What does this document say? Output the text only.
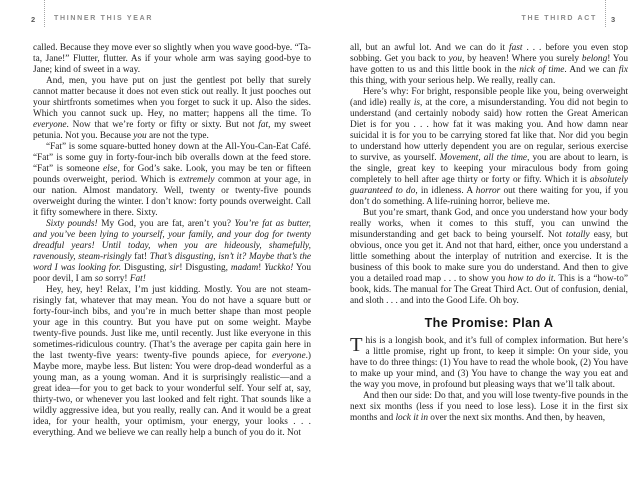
2	THINNER THIS YEAR	THE THIRD ACT 3

called. Because they move ever so slightly when you wave good-bye. “Ta-ta, Jane!” Flutter, flutter. As if your whole arm was saying good-bye to Jane; kind of sweet in a way.

And, men, you have put on just the gentlest pot belly that surely cannot matter because it does not even stick out really. It just pooches out your shirtfronts sometimes when you forget to suck it up. Also the sides. Which you cannot suck up. Hey, no matter; happens all the time. To everyone. Now that we’re forty or fifty or sixty. But not fat, my sweet petunia. Not you. Because you are not the type.

“Fat” is some square-butted honey down at the All-You-Can-Eat Café. “Fat” is some guy in forty-four-inch bib overalls down at the feed store. “Fat” is someone else, for God’s sake. Look, you may be ten or fifteen pounds overweight, period. Which is extremely common at your age, in our nation. Almost mandatory. Well, twenty or twenty-five pounds overweight during the winter. I don’t know: forty pounds overweight. Call it fifty somewhere in there. Sixty.

Sixty pounds! My God, you are fat, aren’t you? You’re fat as butter, and you’ve been lying to yourself, your family, and your dog for twenty dreadful years! Until today, when you are hideously, shamefully, ravenously, steam-risingly fat! That’s disgusting, isn’t it? Maybe that’s the word I was looking for. Disgusting, sir! Disgusting, madam! Yuckko! You poor devil, I am so sorry! Fat!

Hey, hey, hey! Relax, I’m just kidding. Mostly. You are not steam-risingly fat, whatever that may mean. You do not have a square butt or forty-four-inch bibs, and you’re in much better shape than most people your age in this country. But you have put on some weight. Maybe twenty-five pounds. Just like me, until recently. Just like everyone in this sometimes-ridiculous country. (That’s the average per capita gain here in the last twenty-five years: twenty-five pounds apiece, for everyone.) Maybe more, maybe less. But listen: You were drop-dead wonderful as a young man, as a young woman. And it is surprisingly realistic—and a great idea—for you to get back to your wonderful self. Your self at, say, thirty-two, or whenever you last looked and felt right. That sounds like a wildly aggressive idea, but you really, really can. And it would be a great idea, for your health, your optimism, your energy, your looks . . . everything. And we believe we can really help a bunch of you do it. Not

all, but an awful lot. And we can do it fast . . . before you even stop sobbing. Get you back to you, by heaven! Where you surely belong! You have gotten to us and this little book in the nick of time. And we can fix this thing, with your serious help. We really, really can.

Here’s why: For bright, responsible people like you, being overweight (and idle) really is, at the core, a misunderstanding. You did not begin to understand (and certainly nobody said) how rotten the Great American Diet is for you . . . how fat it was making you. And how damn near suicidal it is for you to be carrying stored fat like that. Nor did you begin to understand how utterly dependent you are on regular, serious exercise to survive, as yourself. Movement, all the time, you are about to learn, is the single, great key to keeping your miraculous body from going completely to hell after age thirty or forty or fifty. Which it is absolutely guaranteed to do, in idleness. A horror out there waiting for you, if you don’t do something. A life-ruining horror, believe me.

But you’re smart, thank God, and once you understand how your body really works, when it comes to this stuff, you can unwind the misunderstanding and get back to being yourself. Not totally easy, but obvious, once you get it. And not that hard, either, once you understand a little something about the interplay of nutrition and exercise. It is the business of this book to make sure you do understand. And then to give you a detailed road map . . . to show you how to do it. This is a “how-to” book, kids. The manual for The Great Third Act. Out of confusion, denial, and sloth . . . and into the Good Life. Oh boy.

The Promise: Plan A

This is a longish book, and it’s full of complex information. But here’s a little promise, right up front, to keep it simple: On your side, you have to do three things: (1) You have to read the whole book, (2) You have to make up your mind, and (3) You have to change the way you eat and the way you move, in profound but pleasing ways that we’ll talk about.

And then our side: Do that, and you will lose twenty-five pounds in the next six months (less if you need to lose less). Lose it in the first six months and lock it in over the next six months. And then, by heaven,
